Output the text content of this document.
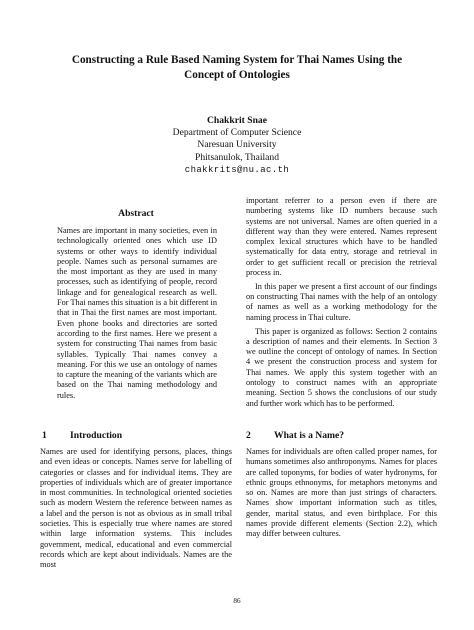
Constructing a Rule Based Naming System for Thai Names Using the
Concept of Ontologies
Chakkrit Snae
Department of Computer Science
Naresuan University
Phitsanulok, Thailand
chakkrits@nu.ac.th
Abstract
Names are important in many societies, even in technologically oriented ones which use ID systems or other ways to identify individual people. Names such as personal surnames are the most important as they are used in many processes, such as identifying of people, record linkage and for genealogical research as well. For Thai names this situation is a bit different in that in Thai the first names are most important. Even phone books and directories are sorted according to the first names. Here we present a system for constructing Thai names from basic syllables. Typically Thai names convey a meaning. For this we use an ontology of names to capture the meaning of the variants which are based on the Thai naming methodology and rules.
1	Introduction
Names are used for identifying persons, places, things and even ideas or concepts. Names serve for labelling of categories or classes and for individual items. They are properties of individuals which are of greater importance in most communities. In technological oriented societies such as modern Western the reference between names as a label and the person is not as obvious as in small tribal societies. This is especially true where names are stored within large information systems. This includes government, medical, educational and even commercial records which are kept about individuals. Names are the most

important referrer to a person even if there are numbering systems like ID numbers because such systems are not universal. Names are often queried in a different way than they were entered. Names represent complex lexical structures which have to be handled systematically for data entry, storage and retrieval in order to get sufficient recall or precision the retrieval process in.

In this paper we present a first account of our findings on constructing Thai names with the help of an ontology of names as well as a working methodology for the naming process in Thai culture.

This paper is organized as follows: Section 2 contains a description of names and their elements. In Section 3 we outline the concept of ontology of names. In Section 4 we present the construction process and system for Thai names. We apply this system together with an ontology to construct names with an appropriate meaning. Section 5 shows the conclusions of our study and further work which has to be performed.

2	What is a Name?
Names for individuals are often called proper names, for humans sometimes also anthroponyms. Names for places are called toponyms, for bodies of water hydronyms, for ethnic groups ethnonyms, for metaphors metonyms and so on. Names are more than just strings of characters. Names show important information such as titles, gender, marital status, and even birthplace. For this names provide different elements (Section 2.2), which may differ between cultures.
86
